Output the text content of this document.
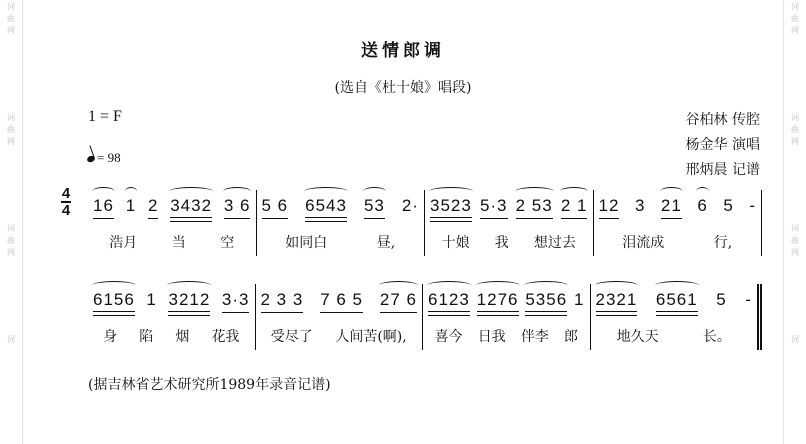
词
曲
网
词
曲
网
词
曲
网
词
词
曲
网
词
曲
网
词
曲
网
词
送情郎调
(选自《杜十娘》唱段)
1 = F
= 98
谷柏林 传腔
杨金华 演唱
邢炳晨 记谱
4
4 16 1 2 3432 3 6
浩月 当 空
5 6 6543 53 2·
如同白	昼,
3523 5·3 2 53 2 1
十娘 我 想过去
12 3 21 6 5 -
泪流成	行,
6156 1 3212 3·3
身 陷 烟 花我
2 3 3 7 6 5 27 6
受尽了 人间苦(啊),
6123 1276 5356 1
喜今 日我 伴李 郎
2321 6561 5 -
地久天	长。
(据吉林省艺术研究所1989年录音记谱)
